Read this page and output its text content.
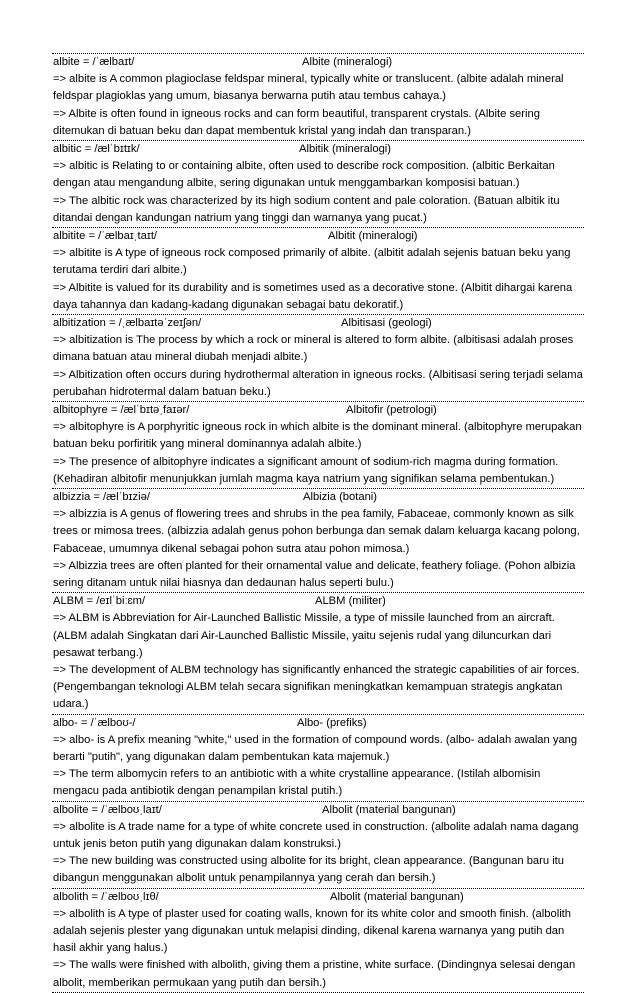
albite = /ˈælbaɪt/	Albite (mineralogi)
=> albite is A common plagioclase feldspar mineral, typically white or translucent. (albite adalah mineral feldspar plagioklas yang umum, biasanya berwarna putih atau tembus cahaya.)
=> Albite is often found in igneous rocks and can form beautiful, transparent crystals. (Albite sering ditemukan di batuan beku dan dapat membentuk kristal yang indah dan transparan.)
albitic = /ælˈbɪtɪk/	Albitik (mineralogi)
=> albitic is Relating to or containing albite, often used to describe rock composition. (albitic Berkaitan dengan atau mengandung albite, sering digunakan untuk menggambarkan komposisi batuan.)
=> The albitic rock was characterized by its high sodium content and pale coloration. (Batuan albitik itu ditandai dengan kandungan natrium yang tinggi dan warnanya yang pucat.)
albitite = /ˈælbaɪˌtaɪt/	Albitit (mineralogi)
=> albitite is A type of igneous rock composed primarily of albite. (albitit adalah sejenis batuan beku yang terutama terdiri dari albite.)
=> Albitite is valued for its durability and is sometimes used as a decorative stone. (Albitit dihargai karena daya tahannya dan kadang-kadang digunakan sebagai batu dekoratif.)
albitization = /ˌælbaɪtəˈzeɪʃən/	Albitisasi (geologi)
=> albitization is The process by which a rock or mineral is altered to form albite. (albitisasi adalah proses dimana batuan atau mineral diubah menjadi albite.)
=> Albitization often occurs during hydrothermal alteration in igneous rocks. (Albitisasi sering terjadi selama perubahan hidrotermal dalam batuan beku.)
albitophyre = /ælˈbɪtəˌfaɪər/	Albitofir (petrologi)
=> albitophyre is A porphyritic igneous rock in which albite is the dominant mineral. (albitophyre merupakan batuan beku porfiritik yang mineral dominannya adalah albite.)
=> The presence of albitophyre indicates a significant amount of sodium-rich magma during formation. (Kehadiran albitofir menunjukkan jumlah magma kaya natrium yang signifikan selama pembentukan.)
albizzia = /ælˈbɪziə/	Albizia (botani)
=> albizzia is A genus of flowering trees and shrubs in the pea family, Fabaceae, commonly known as silk trees or mimosa trees. (albizzia adalah genus pohon berbunga dan semak dalam keluarga kacang polong, Fabaceae, umumnya dikenal sebagai pohon sutra atau pohon mimosa.)
=> Albizzia trees are often planted for their ornamental value and delicate, feathery foliage. (Pohon albizia sering ditanam untuk nilai hiasnya dan dedaunan halus seperti bulu.)
ALBM = /eɪlˈbiːɛm/	ALBM (militer)
=> ALBM is Abbreviation for Air-Launched Ballistic Missile, a type of missile launched from an aircraft. (ALBM adalah Singkatan dari Air-Launched Ballistic Missile, yaitu sejenis rudal yang diluncurkan dari pesawat terbang.)
=> The development of ALBM technology has significantly enhanced the strategic capabilities of air forces. (Pengembangan teknologi ALBM telah secara signifikan meningkatkan kemampuan strategis angkatan udara.)
albo- = /ˈælboʊ-/	Albo- (prefiks)
=> albo- is A prefix meaning "white," used in the formation of compound words. (albo- adalah awalan yang berarti "putih", yang digunakan dalam pembentukan kata majemuk.)
=> The term albomycin refers to an antibiotic with a white crystalline appearance. (Istilah albomisin mengacu pada antibiotik dengan penampilan kristal putih.)
albolite = /ˈælboʊˌlaɪt/	Albolit (material bangunan)
=> albolite is A trade name for a type of white concrete used in construction. (albolite adalah nama dagang untuk jenis beton putih yang digunakan dalam konstruksi.)
=> The new building was constructed using albolite for its bright, clean appearance. (Bangunan baru itu dibangun menggunakan albolit untuk penampilannya yang cerah dan bersih.)
albolith = /ˈælboʊˌlɪθ/	Albolit (material bangunan)
=> albolith is A type of plaster used for coating walls, known for its white color and smooth finish. (albolith adalah sejenis plester yang digunakan untuk melapisi dinding, dikenal karena warnanya yang putih dan hasil akhir yang halus.)
=> The walls were finished with albolith, giving them a pristine, white surface. (Dindingnya selesai dengan albolit, memberikan permukaan yang putih dan bersih.)
